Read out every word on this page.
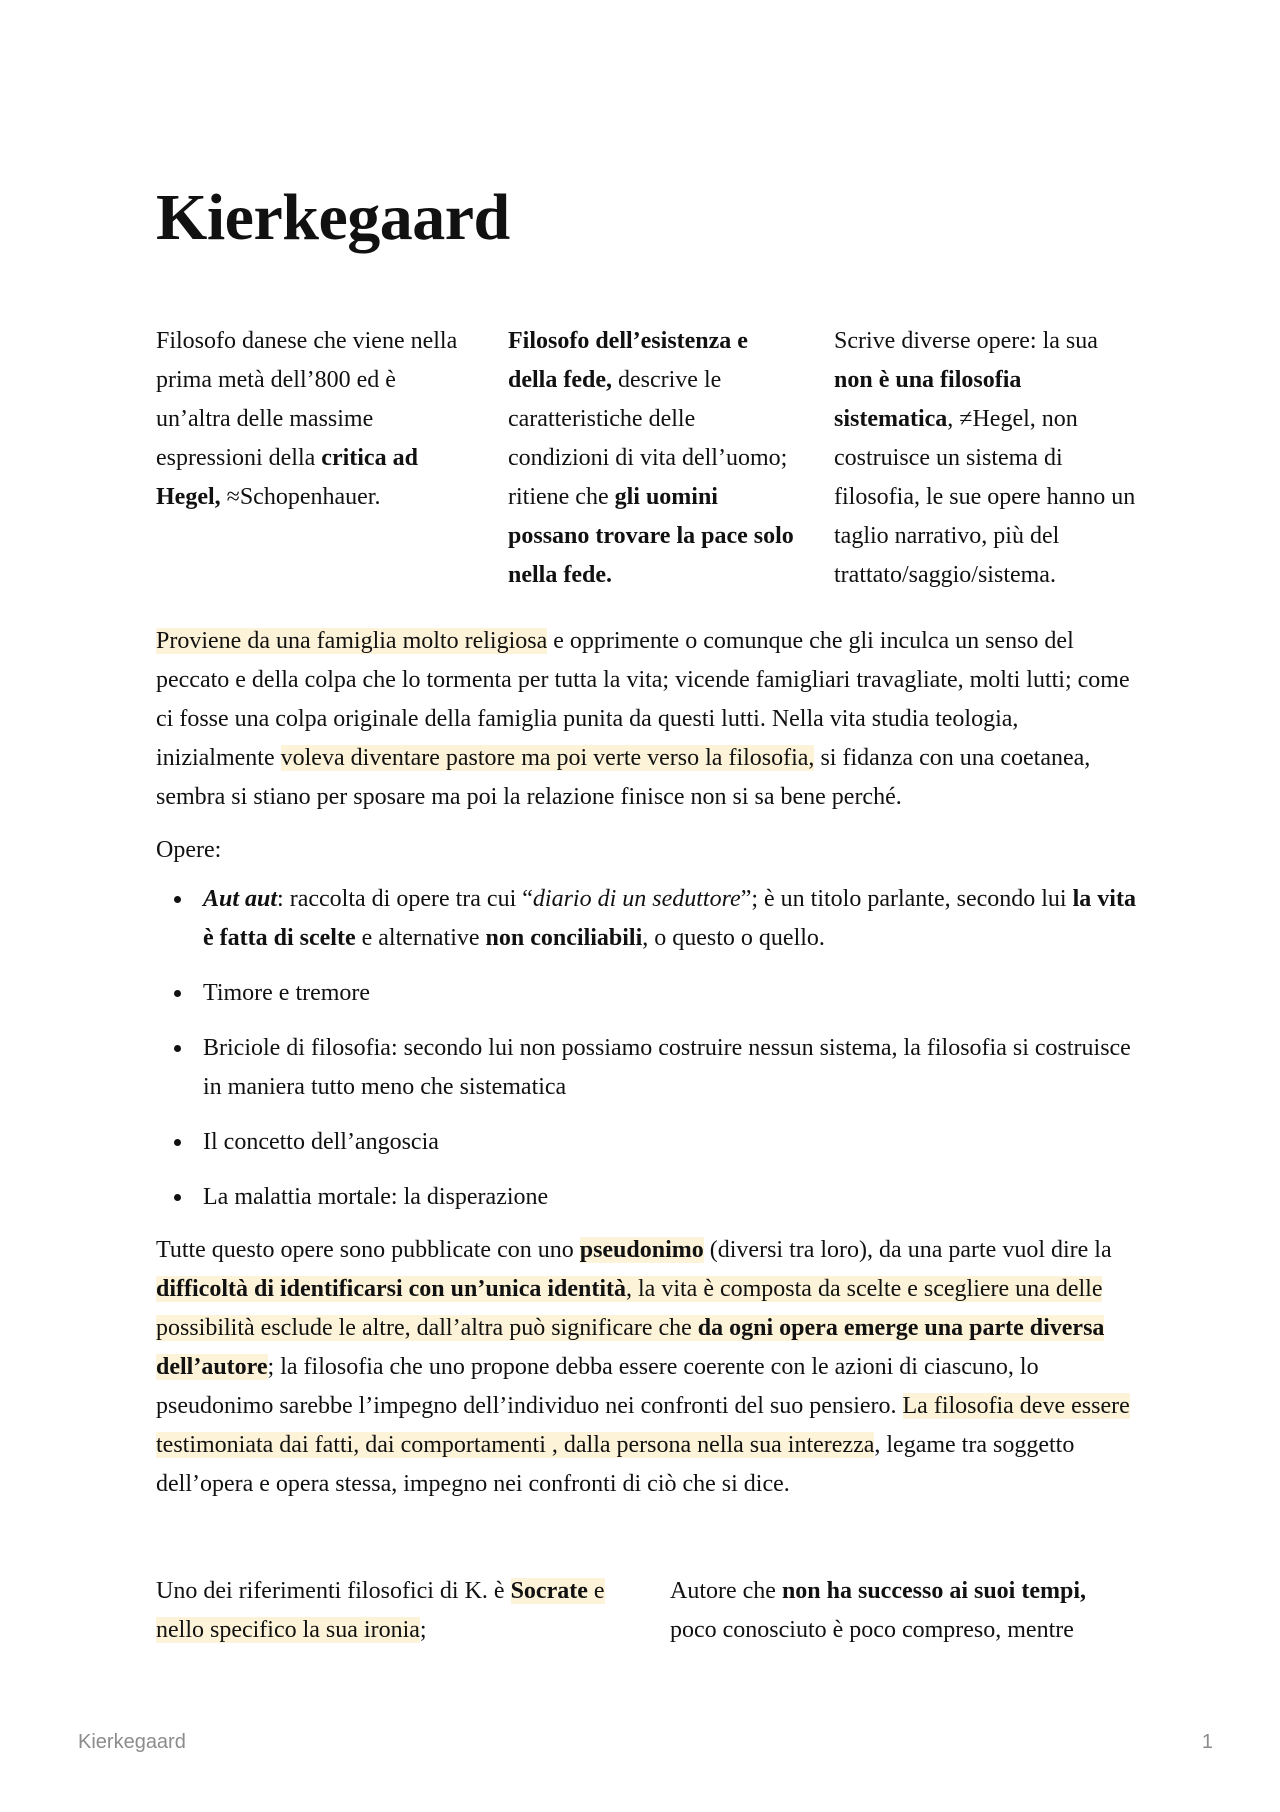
Kierkegaard

Filosofo danese che viene nella prima metà dell’800 ed è un’altra delle massime espressioni della critica ad Hegel, ≈Schopenhauer.

Filosofo dell’esistenza e della fede, descrive le caratteristiche delle condizioni di vita dell’uomo; ritiene che gli uomini possano trovare la pace solo nella fede.

Scrive diverse opere: la sua non è una filosofia sistematica, ≠Hegel, non costruisce un sistema di filosofia, le sue opere hanno un taglio narrativo, più del trattato/saggio/sistema.

Proviene da una famiglia molto religiosa e opprimente o comunque che gli inculca un senso del peccato e della colpa che lo tormenta per tutta la vita; vicende famigliari travagliate, molti lutti; come ci fosse una colpa originale della famiglia punita da questi lutti. Nella vita studia teologia, inizialmente voleva diventare pastore ma poi verte verso la filosofia, si fidanza con una coetanea, sembra si stiano per sposare ma poi la relazione finisce non si sa bene perché.

Opere:

Aut aut: raccolta di opere tra cui “diario di un seduttore”; è un titolo parlante, secondo lui la vita è fatta di scelte e alternative non conciliabili, o questo o quello.
Timore e tremore
Briciole di filosofia: secondo lui non possiamo costruire nessun sistema, la filosofia si costruisce in maniera tutto meno che sistematica
Il concetto dell’angoscia
La malattia mortale: la disperazione

Tutte questo opere sono pubblicate con uno pseudonimo (diversi tra loro), da una parte vuol dire la difficoltà di identificarsi con un’unica identità, la vita è composta da scelte e scegliere una delle possibilità esclude le altre, dall’altra può significare che da ogni opera emerge una parte diversa dell’autore; la filosofia che uno propone debba essere coerente con le azioni di ciascuno, lo pseudonimo sarebbe l’impegno dell’individuo nei confronti del suo pensiero. La filosofia deve essere testimoniata dai fatti, dai comportamenti , dalla persona nella sua interezza, legame tra soggetto dell’opera e opera stessa, impegno nei confronti di ciò che si dice.

Uno dei riferimenti filosofici di K. è Socrate e nello specifico la sua ironia;

Autore che non ha successo ai suoi tempi, poco conosciuto è poco compreso, mentre

Kierkegaard	1
